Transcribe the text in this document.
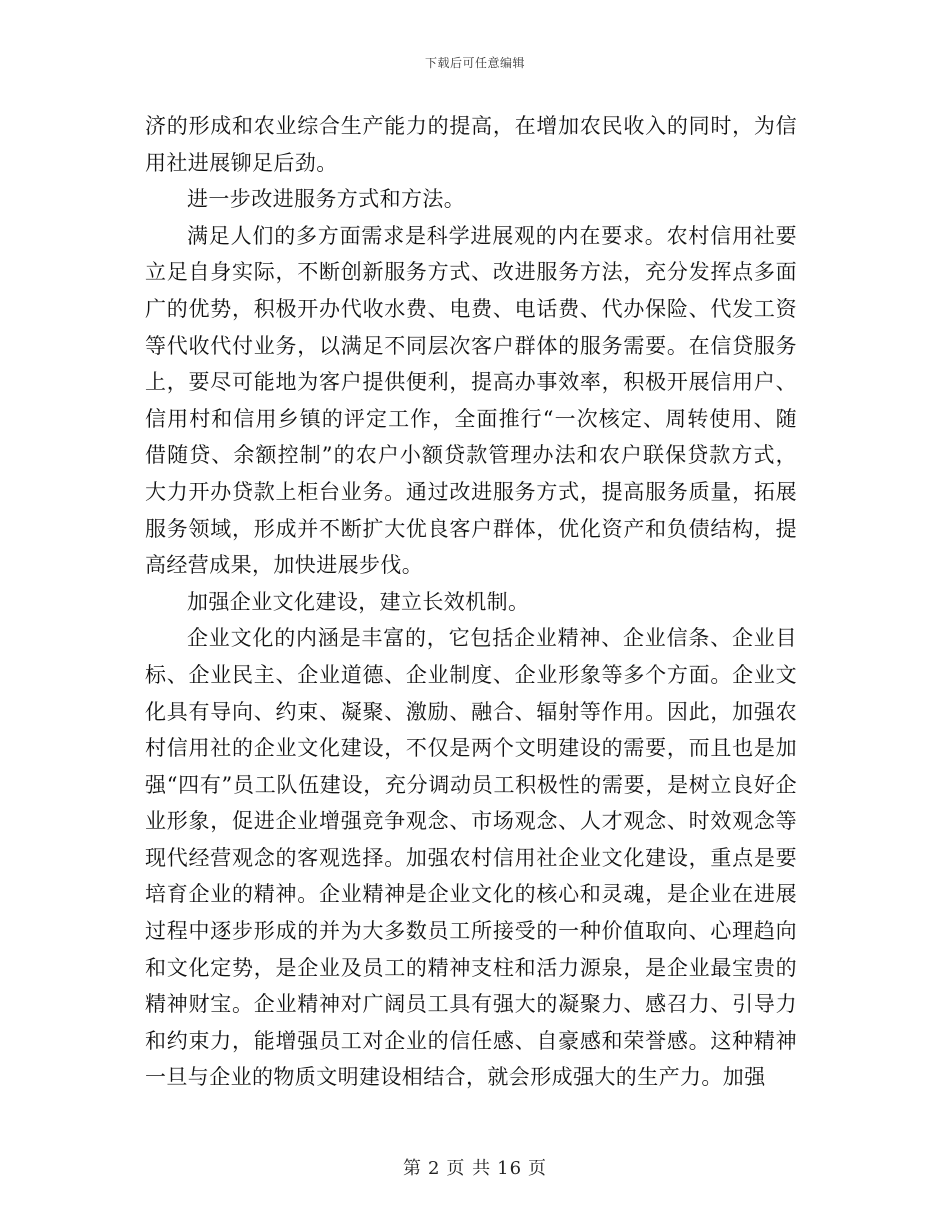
下载后可任意编辑

济的形成和农业综合生产能力的提高，在增加农民收入的同时，为信用社进展铆足后劲。

进一步改进服务方式和方法。

满足人们的多方面需求是科学进展观的内在要求。农村信用社要立足自身实际，不断创新服务方式、改进服务方法，充分发挥点多面广的优势，积极开办代收水费、电费、电话费、代办保险、代发工资等代收代付业务，以满足不同层次客户群体的服务需要。在信贷服务上，要尽可能地为客户提供便利，提高办事效率，积极开展信用户、信用村和信用乡镇的评定工作，全面推行“一次核定、周转使用、随借随贷、余额控制”的农户小额贷款管理办法和农户联保贷款方式，大力开办贷款上柜台业务。通过改进服务方式，提高服务质量，拓展服务领域，形成并不断扩大优良客户群体，优化资产和负债结构，提高经营成果，加快进展步伐。

加强企业文化建设，建立长效机制。

企业文化的内涵是丰富的，它包括企业精神、企业信条、企业目标、企业民主、企业道德、企业制度、企业形象等多个方面。企业文化具有导向、约束、凝聚、激励、融合、辐射等作用。因此，加强农村信用社的企业文化建设，不仅是两个文明建设的需要，而且也是加强“四有”员工队伍建设，充分调动员工积极性的需要，是树立良好企业形象，促进企业增强竞争观念、市场观念、人才观念、时效观念等现代经营观念的客观选择。加强农村信用社企业文化建设，重点是要培育企业的精神。企业精神是企业文化的核心和灵魂，是企业在进展过程中逐步形成的并为大多数员工所接受的一种价值取向、心理趋向和文化定势，是企业及员工的精神支柱和活力源泉，是企业最宝贵的精神财宝。企业精神对广阔员工具有强大的凝聚力、感召力、引导力和约束力，能增强员工对企业的信任感、自豪感和荣誉感。这种精神一旦与企业的物质文明建设相结合，就会形成强大的生产力。加强

第 2 页 共 16 页
